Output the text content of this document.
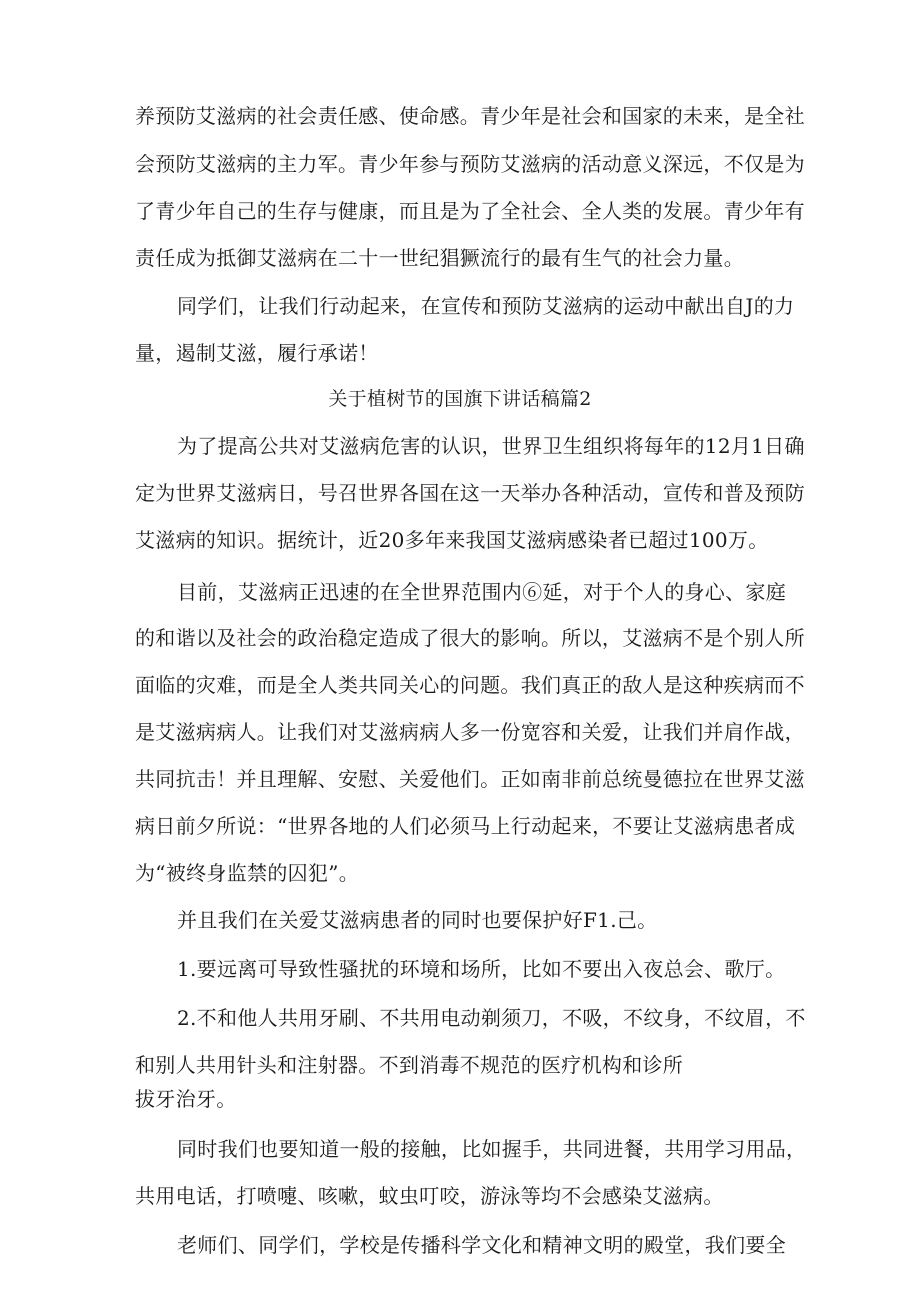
养预防艾滋病的社会责任感、使命感。青少年是社会和国家的未来，是全社
会预防艾滋病的主力军。青少年参与预防艾滋病的活动意义深远，不仅是为
了青少年自己的生存与健康，而且是为了全社会、全人类的发展。青少年有
责任成为抵御艾滋病在二十一世纪猖獗流行的最有生气的社会力量。
同学们，让我们行动起来，在宣传和预防艾滋病的运动中献出自J的力
量，遏制艾滋，履行承诺！
关于植树节的国旗下讲话稿篇2
为了提高公共对艾滋病危害的认识，世界卫生组织将每年的12月1日确
定为世界艾滋病日，号召世界各国在这一天举办各种活动，宣传和普及预防
艾滋病的知识。据统计，近20多年来我国艾滋病感染者已超过100万。
目前，艾滋病正迅速的在全世界范围内⑥延，对于个人的身心、家庭
的和谐以及社会的政治稳定造成了很大的影响。所以，艾滋病不是个别人所
面临的灾难，而是全人类共同关心的问题。我们真正的敌人是这种疾病而不
是艾滋病病人。让我们对艾滋病病人多一份宽容和关爱，让我们并肩作战，
共同抗击！并且理解、安慰、关爱他们。正如南非前总统曼德拉在世界艾滋
病日前夕所说：“世界各地的人们必须马上行动起来，不要让艾滋病患者成
为“被终身监禁的囚犯”。
并且我们在关爱艾滋病患者的同时也要保护好F1.己。
1.要远离可导致性骚扰的环境和场所，比如不要出入夜总会、歌厅。
2.不和他人共用牙刷、不共用电动剃须刀，不吸，不纹身，不纹眉，不
和别人共用针头和注射器。不到消毒不规范的医疗机构和诊所
拔牙治牙。
同时我们也要知道一般的接触，比如握手，共同进餐，共用学习用品，
共用电话，打喷嚏、咳嗽，蚊虫叮咬，游泳等均不会感染艾滋病。
老师们、同学们，学校是传播科学文化和精神文明的殿堂，我们要全
